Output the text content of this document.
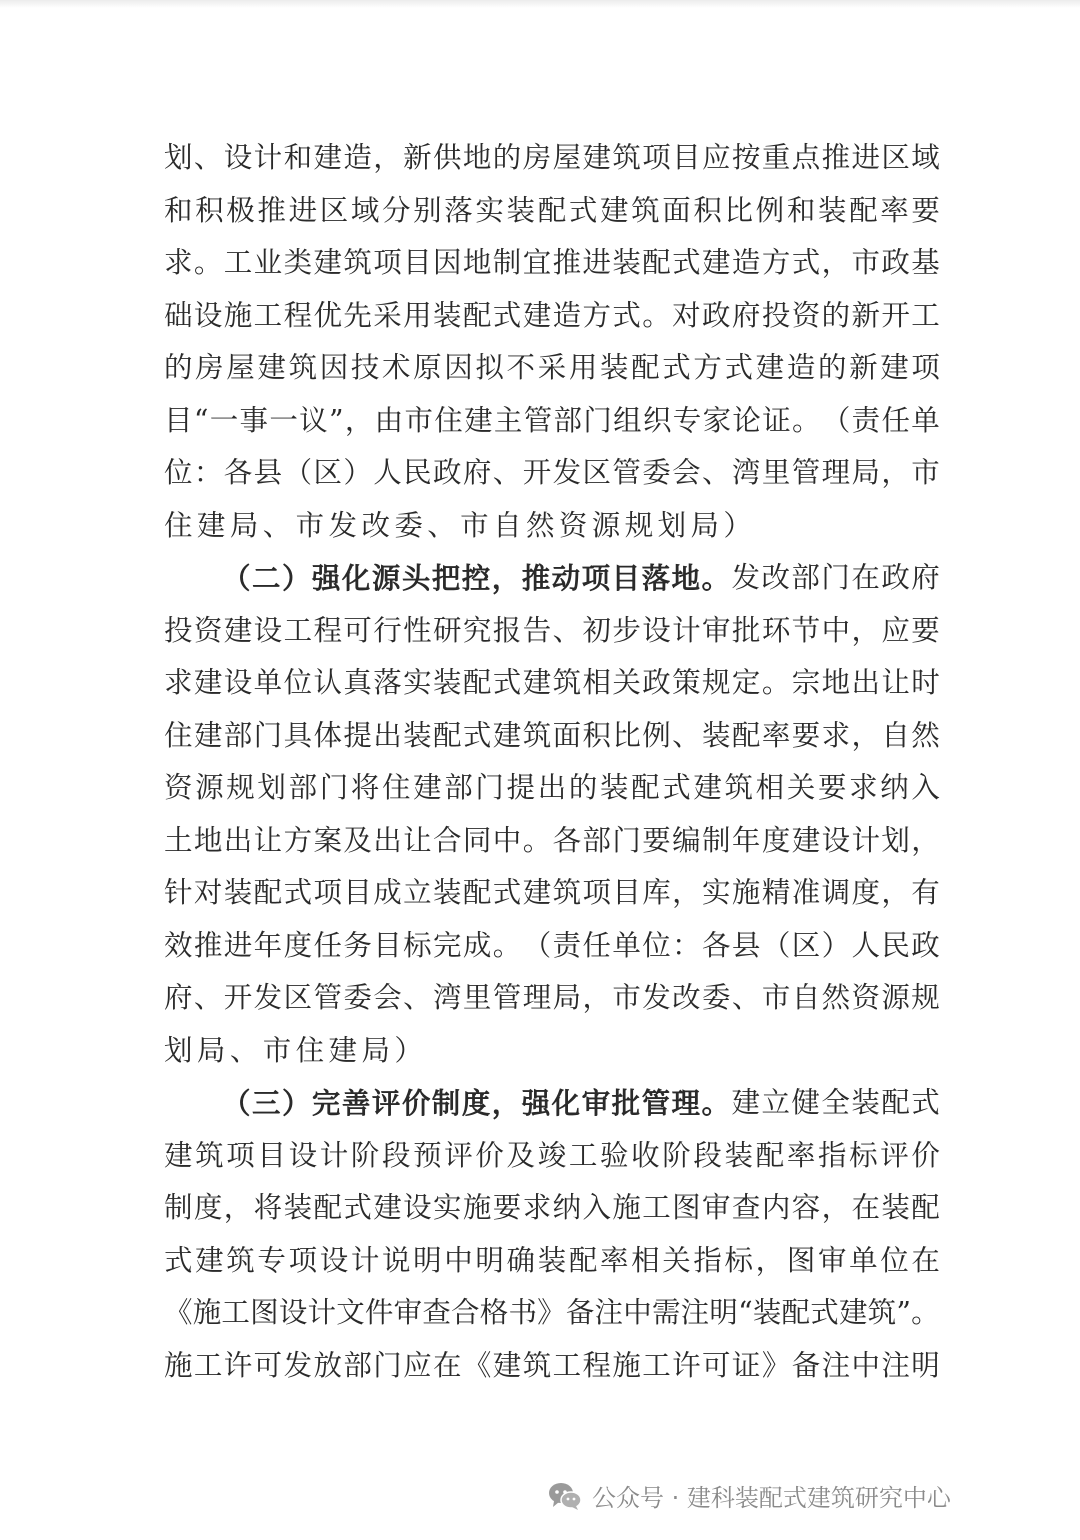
划 、 设 计 和 建 造 ， 新 供 地 的 房 屋 建 筑 项 目 应 按 重 点 推 进 区 域
和 积 极 推 进 区 域 分 别 落 实 装 配 式 建 筑 面 积 比 例 和 装 配 率 要
求 。 工 业 类 建 筑 项 目 因 地 制 宜 推 进 装 配 式 建 造 方 式 ， 市 政 基
础 设 施 工 程 优 先 采 用 装 配 式 建 造 方 式 。 对 政 府 投 资 的 新 开 工
的 房 屋 建 筑 因 技 术 原 因 拟 不 采 用 装 配 式 方 式 建 造 的 新 建 项
目 “ 一 事 一 议 ” ， 由 市 住 建 主 管 部 门 组 织 专 家 论 证 。 （ 责 任 单
位 ： 各 县 （ 区 ） 人 民 政 府 、 开 发 区 管 委 会 、 湾 里 管 理 局 ， 市
住 建 局 、 市 发 改 委 、 市 自 然 资 源 规 划 局 ）
（ 二 ） 强 化 源 头 把 控 ， 推 动 项 目 落 地 。 发 改 部 门 在 政 府
投 资 建 设 工 程 可 行 性 研 究 报 告 、 初 步 设 计 审 批 环 节 中 ， 应 要
求 建 设 单 位 认 真 落 实 装 配 式 建 筑 相 关 政 策 规 定 。 宗 地 出 让 时
住 建 部 门 具 体 提 出 装 配 式 建 筑 面 积 比 例 、 装 配 率 要 求 ， 自 然
资 源 规 划 部 门 将 住 建 部 门 提 出 的 装 配 式 建 筑 相 关 要 求 纳 入
土 地 出 让 方 案 及 出 让 合 同 中 。 各 部 门 要 编 制 年 度 建 设 计 划 ，
针 对 装 配 式 项 目 成 立 装 配 式 建 筑 项 目 库 ， 实 施 精 准 调 度 ， 有
效 推 进 年 度 任 务 目 标 完 成 。 （ 责 任 单 位 ： 各 县 （ 区 ） 人 民 政
府 、 开 发 区 管 委 会 、 湾 里 管 理 局 ， 市 发 改 委 、 市 自 然 资 源 规
划 局 、 市 住 建 局 ）
（ 三 ） 完 善 评 价 制 度 ， 强 化 审 批 管 理 。 建 立 健 全 装 配 式
建 筑 项 目 设 计 阶 段 预 评 价 及 竣 工 验 收 阶 段 装 配 率 指 标 评 价
制 度 ， 将 装 配 式 建 设 实 施 要 求 纳 入 施 工 图 审 查 内 容 ， 在 装 配
式 建 筑 专 项 设 计 说 明 中 明 确 装 配 率 相 关 指 标 ， 图 审 单 位 在
《 施 工 图 设 计 文 件 审 查 合 格 书 》 备 注 中 需 注 明 “ 装 配 式 建 筑 ” 。
施 工 许 可 发 放 部 门 应 在 《 建 筑 工 程 施 工 许 可 证 》 备 注 中 注 明
公众号 · 建科装配式建筑研究中心
